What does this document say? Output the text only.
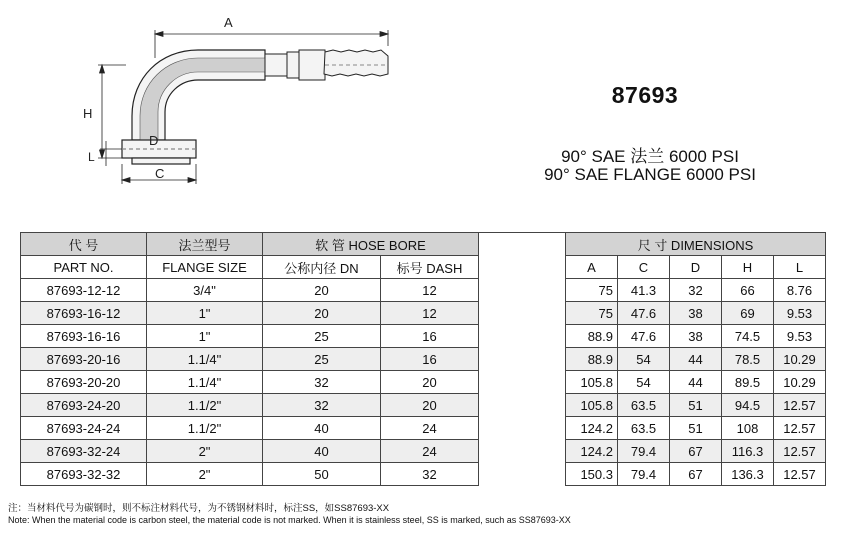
A
D
H
L
C
87693
90° SAE 法兰 6000 PSI
90° SAE FLANGE 6000 PSI
代 号	法兰型号	软 管 HOSE BORE			尺 寸 DIMENSIONS				
PART NO.	FLANGE SIZE	公称内径 DN	标号 DASH		A	C	D	H	L
87693-12-12	3/4"	20	12		75	41.3	32	66	8.76
87693-16-12	1"	20	12		75	47.6	38	69	9.53
87693-16-16	1"	25	16		88.9	47.6	38	74.5	9.53
87693-20-16	1.1/4"	25	16		88.9	54	44	78.5	10.29
87693-20-20	1.1/4"	32	20		105.8	54	44	89.5	10.29
87693-24-20	1.1/2"	32	20		105.8	63.5	51	94.5	12.57
87693-24-24	1.1/2"	40	24		124.2	63.5	51	108	12.57
87693-32-24	2"	40	24		124.2	79.4	67	116.3	12.57
87693-32-32	2"	50	32		150.3	79.4	67	136.3	12.57
注：当材料代号为碳钢时，则不标注材料代号，为不锈钢材料时，标注SS，如SS87693-XX
Note: When the material code is carbon steel, the material code is not marked. When it is stainless steel, SS is marked, such as SS87693-XX
